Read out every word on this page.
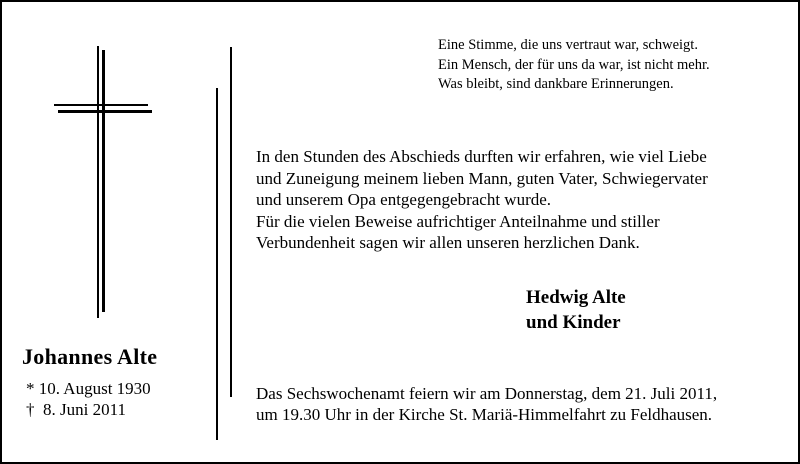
Eine Stimme, die uns vertraut war, schweigt.
Ein Mensch, der für uns da war, ist nicht mehr.
Was bleibt, sind dankbare Erinnerungen.
In den Stunden des Abschieds durften wir erfahren, wie viel Liebe
und Zuneigung meinem lieben Mann, guten Vater, Schwiegervater
und unserem Opa entgegengebracht wurde.
Für die vielen Beweise aufrichtiger Anteilnahme und stiller
Verbundenheit sagen wir allen unseren herzlichen Dank.
Hedwig Alte
und Kinder
Johannes Alte
* 10. August 1930
†  8. Juni 2011
Das Sechswochenamt feiern wir am Donnerstag, dem 21. Juli 2011,
um 19.30 Uhr in der Kirche St. Mariä-Himmelfahrt zu Feldhausen.
